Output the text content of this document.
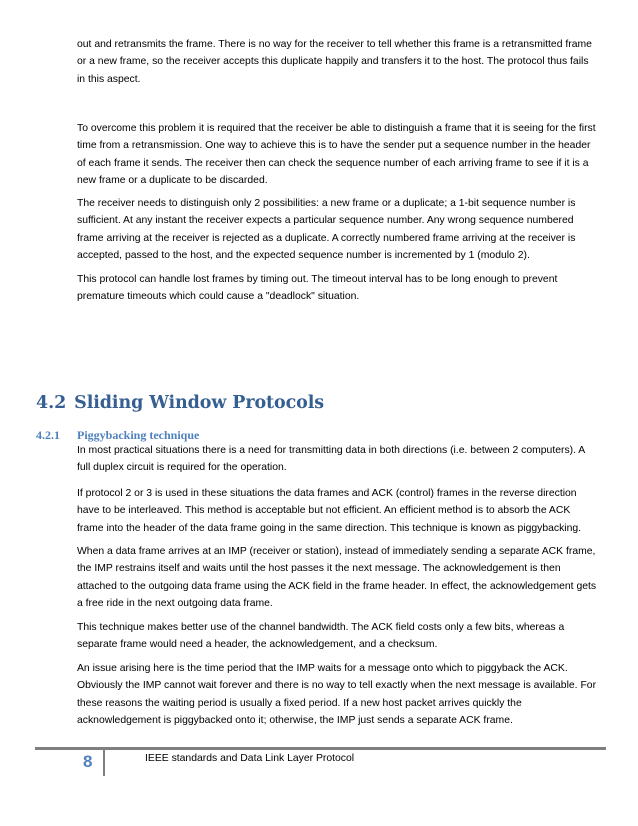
out and retransmits the frame. There is no way for the receiver to tell whether this frame is a retransmitted frame or a new frame, so the receiver accepts this duplicate happily and transfers it to the host. The protocol thus fails in this aspect.

To overcome this problem it is required that the receiver be able to distinguish a frame that it is seeing for the first time from a retransmission. One way to achieve this is to have the sender put a sequence number in the header of each frame it sends. The receiver then can check the sequence number of each arriving frame to see if it is a new frame or a duplicate to be discarded.

The receiver needs to distinguish only 2 possibilities: a new frame or a duplicate; a 1-bit sequence number is sufficient. At any instant the receiver expects a particular sequence number. Any wrong sequence numbered frame arriving at the receiver is rejected as a duplicate. A correctly numbered frame arriving at the receiver is accepted, passed to the host, and the expected sequence number is incremented by 1 (modulo 2).

This protocol can handle lost frames by timing out. The timeout interval has to be long enough to prevent premature timeouts which could cause a "deadlock" situation.

4.2 Sliding Window Protocols
4.2.1 Piggybacking technique

In most practical situations there is a need for transmitting data in both directions (i.e. between 2 computers). A full duplex circuit is required for the operation.

If protocol 2 or 3 is used in these situations the data frames and ACK (control) frames in the reverse direction have to be interleaved. This method is acceptable but not efficient. An efficient method is to absorb the ACK frame into the header of the data frame going in the same direction. This technique is known as piggybacking.

When a data frame arrives at an IMP (receiver or station), instead of immediately sending a separate ACK frame, the IMP restrains itself and waits until the host passes it the next message. The acknowledgement is then attached to the outgoing data frame using the ACK field in the frame header. In effect, the acknowledgement gets a free ride in the next outgoing data frame.

This technique makes better use of the channel bandwidth. The ACK field costs only a few bits, whereas a separate frame would need a header, the acknowledgement, and a checksum.

An issue arising here is the time period that the IMP waits for a message onto which to piggyback the ACK. Obviously the IMP cannot wait forever and there is no way to tell exactly when the next message is available. For these reasons the waiting period is usually a fixed period. If a new host packet arrives quickly the acknowledgement is piggybacked onto it; otherwise, the IMP just sends a separate ACK frame.

8	IEEE standards and Data Link Layer Protocol
